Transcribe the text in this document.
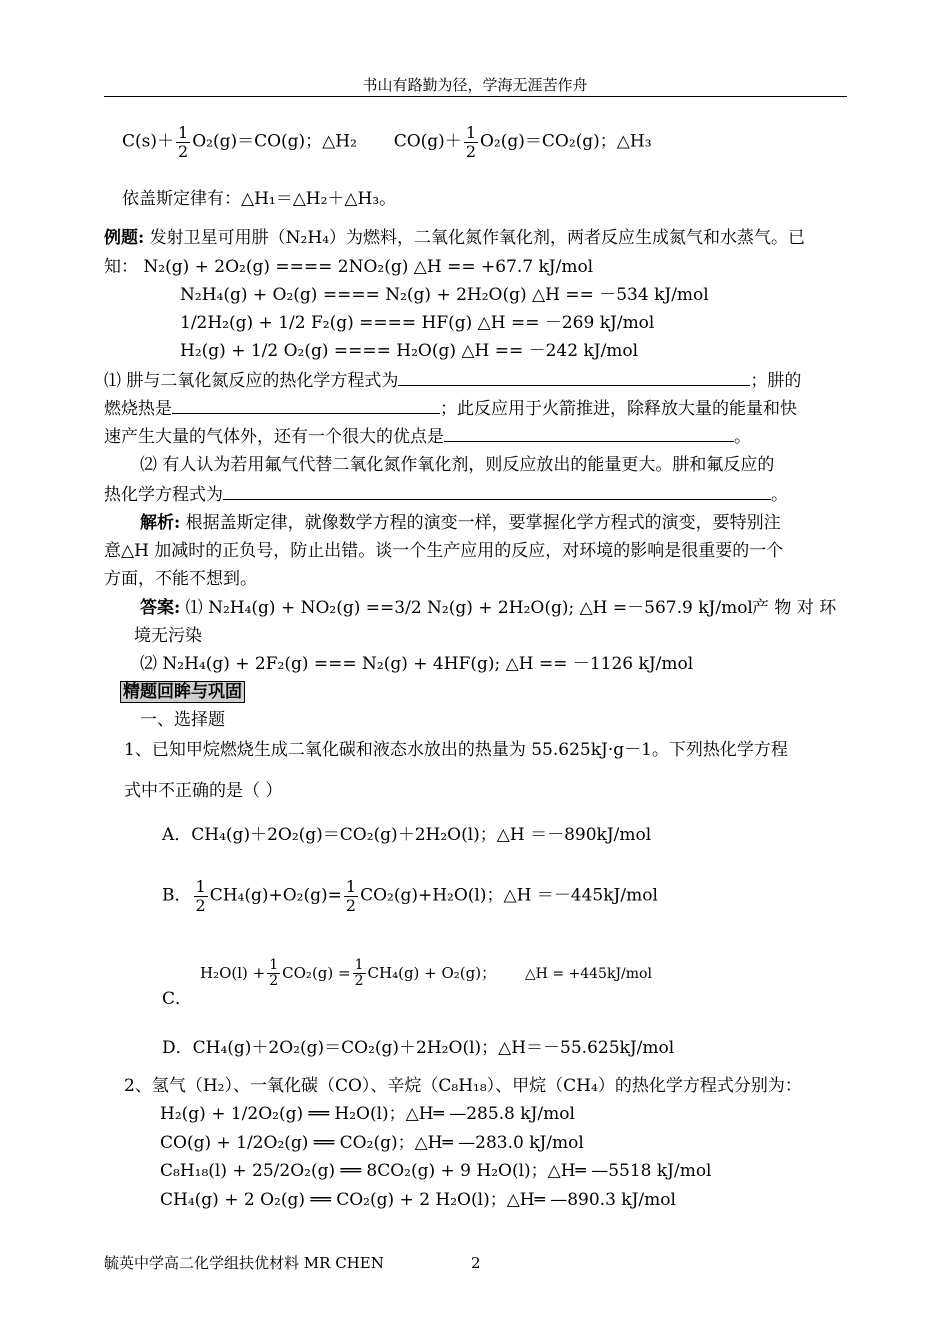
书山有路勤为径，学海无涯苦作舟
$C(s)+ \frac{1}{2} O_2(g)=CO(g)$；△H₂ $CO(g)+ \frac{1}{2} O_2(g)=CO_2(g)$；△H₃
依盖斯定律有：△H₁＝△H₂＋△H₃。
例题: 发射卫星可用肼（N₂H₄）为燃料，二氧化氮作氧化剂，两者反应生成氮气和水蒸气。已
知： N₂(g) + 2O₂(g) ==== 2NO₂(g) △H == +67.7 kJ/mol
N₂H₄(g) + O₂(g) ==== N₂(g) + 2H₂O(g) △H == －534 kJ/mol
1/2H₂(g) + 1/2 F₂(g) ==== HF(g) △H == －269 kJ/mol
H₂(g) + 1/2 O₂(g) ==== H₂O(g) △H == －242 kJ/mol
⑴ 肼与二氧化氮反应的热化学方程式为	；肼的
燃烧热是	；此反应用于火箭推进，除释放大量的能量和快
速产生大量的气体外，还有一个很大的优点是	。
⑵ 有人认为若用氟气代替二氧化氮作氧化剂，则反应放出的能量更大。肼和氟反应的
热化学方程式为	。
解析: 根据盖斯定律，就像数学方程的演变一样，要掌握化学方程式的演变，要特别注
意△H 加减时的正负号，防止出错。谈一个生产应用的反应，对环境的影响是很重要的一个
方面，不能不想到。
答案: ⑴ N₂H₄(g) + NO₂(g) ==3/2 N₂(g) + 2H₂O(g); △H =－567.9 kJ/mol 产 物 对 环
境无污染
⑵ N₂H₄(g) + 2F₂(g) === N₂(g) + 4HF(g); △H == －1126 kJ/mol
精题回眸与巩固
一、选择题
1、已知甲烷燃烧生成二氧化碳和液态水放出的热量为 55.625kJ·g－1。下列热化学方程
式中不正确的是（ ）
A．CH₄(g)＋2O₂(g)＝CO₂(g)＋2H₂O(l)；△H ＝－890kJ/mol
B． $\frac{1}{2} CH_4(g)+O_2(g)= \frac{1}{2} CO_2(g)+H_2O(l)$；△H ＝－445kJ/mol
C．
$H_2O(l) + \frac{1}{2} CO_2(g) = \frac{1}{2} CH_4(g) + O_2(g)$； △H = +445kJ/mol
D．CH₄(g)＋2O₂(g)＝CO₂(g)＋2H₂O(l)；△H＝－55.625kJ/mol
2、氢气（H₂）、一氧化碳（CO）、辛烷（C₈H₁₈）、甲烷（CH₄）的热化学方程式分别为：
H₂(g) + 1/2O₂(g) ══ H₂O(l)；△H═ —285.8 kJ/mol
CO(g) + 1/2O₂(g) ══ CO₂(g)；△H═ —283.0 kJ/mol
C₈H₁₈(l) + 25/2O₂(g) ══ 8CO₂(g) + 9 H₂O(l)；△H═ —5518 kJ/mol
CH₄(g) + 2 O₂(g) ══ CO₂(g) + 2 H₂O(l)；△H═ —890.3 kJ/mol
毓英中学高二化学组扶优材料 MR CHEN	2
